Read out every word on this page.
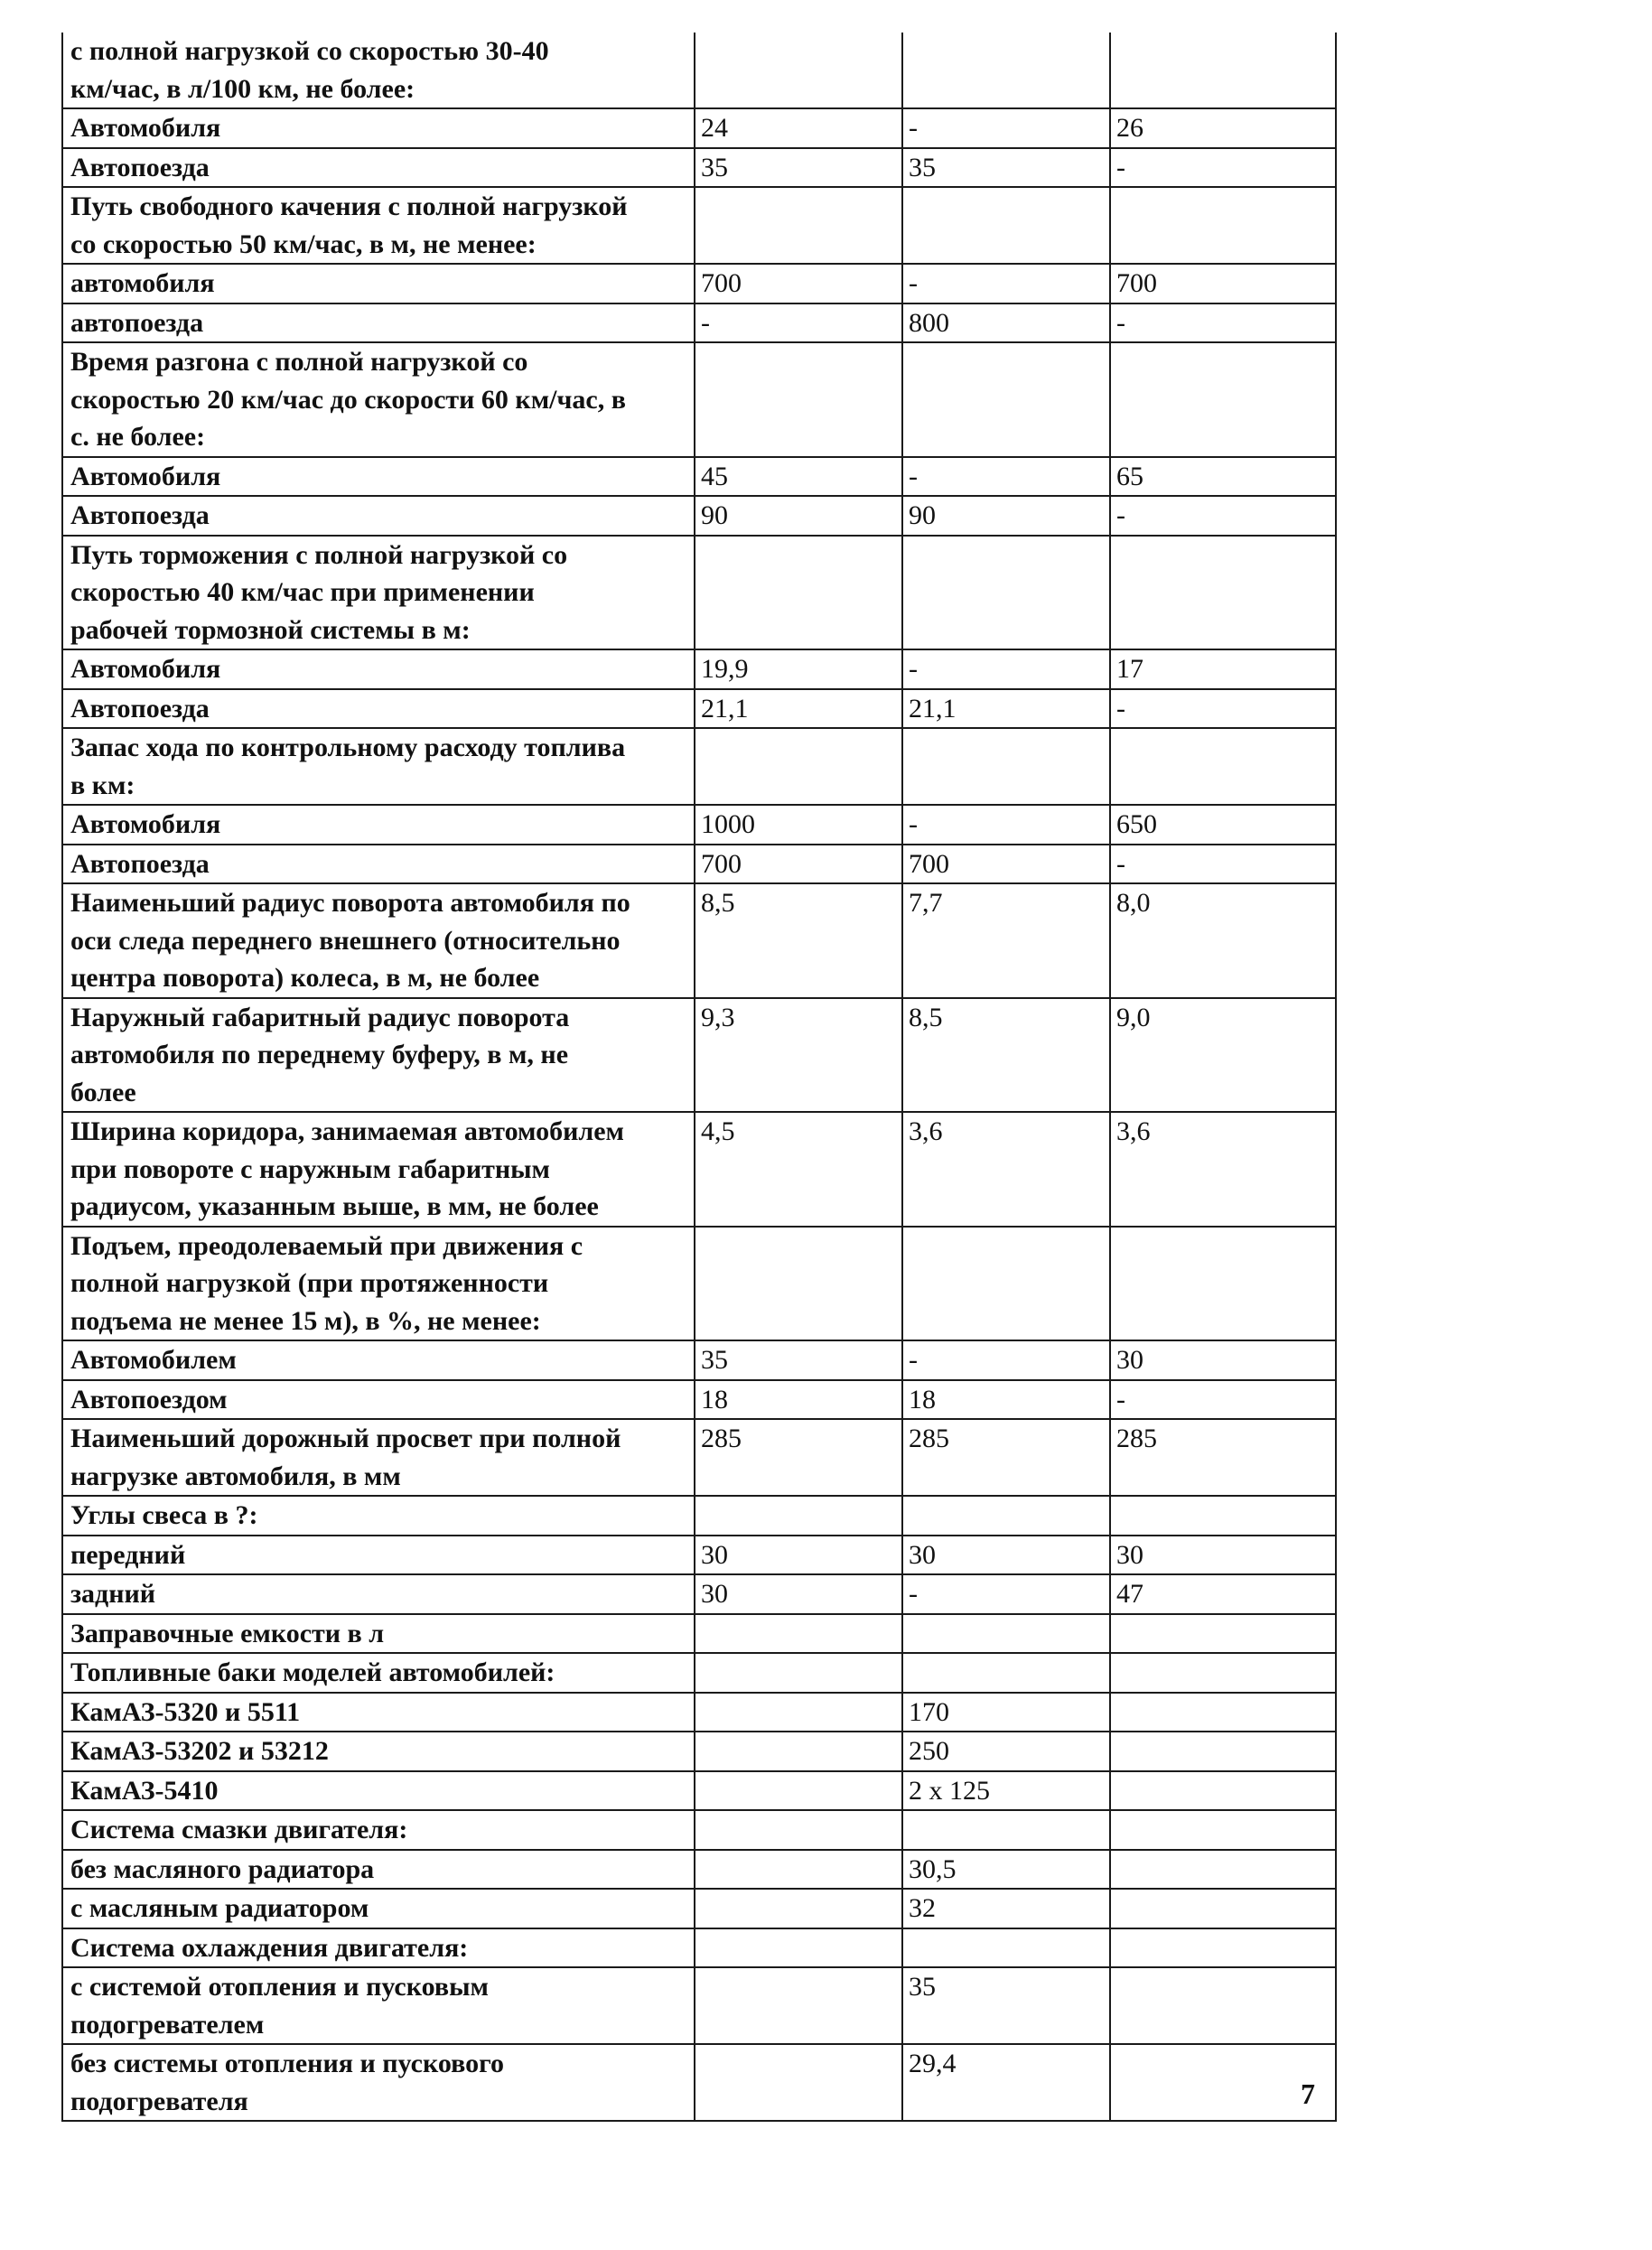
с полной нагрузкой со скоростью 30-40
км/час, в л/100 км, не более:			
Автомобиля	24	-	26
Автопоезда	35	35	-
Путь свободного качения с полной нагрузкой
со скоростью 50 км/час, в м, не менее:			
автомобиля	700	-	700
автопоезда	-	800	-
Время разгона с полной нагрузкой со
скоростью 20 км/час до скорости 60 км/час, в
с. не более:			
Автомобиля	45	-	65
Автопоезда	90	90	-
Путь торможения с полной нагрузкой со
скоростью 40 км/час при применении
рабочей тормозной системы в м:			
Автомобиля	19,9	-	17
Автопоезда	21,1	21,1	-
Запас хода по контрольному расходу топлива
в км:			
Автомобиля	1000	-	650
Автопоезда	700	700	-
Наименьший радиус поворота автомобиля по
оси следа переднего внешнего (относительно
центра поворота) колеса, в м, не более	8,5	7,7	8,0
Наружный габаритный радиус поворота
автомобиля по переднему буферу, в м, не
более	9,3	8,5	9,0
Ширина коридора, занимаемая автомобилем
при повороте с наружным габаритным
радиусом, указанным выше, в мм, не более	4,5	3,6	3,6
Подъем, преодолеваемый при движения с
полной нагрузкой (при протяженности
подъема не менее 15 м), в %, не менее:			
Автомобилем	35	-	30
Автопоездом	18	18	-
Наименьший дорожный просвет при полной
нагрузке автомобиля, в мм	285	285	285
Углы свеса в ?:			
передний	30	30	30
задний	30	-	47
Заправочные емкости в л			
Топливные баки моделей автомобилей:			
КамАЗ-5320 и 5511		170	
КамАЗ-53202 и 53212		250	
КамАЗ-5410		2 х 125	
Система смазки двигателя:			
без масляного радиатора		30,5	
с масляным радиатором		32	
Система охлаждения двигателя:			
с системой отопления и пусковым
подогревателем		35	
без системы отопления и пускового
подогревателя		29,4	
7
